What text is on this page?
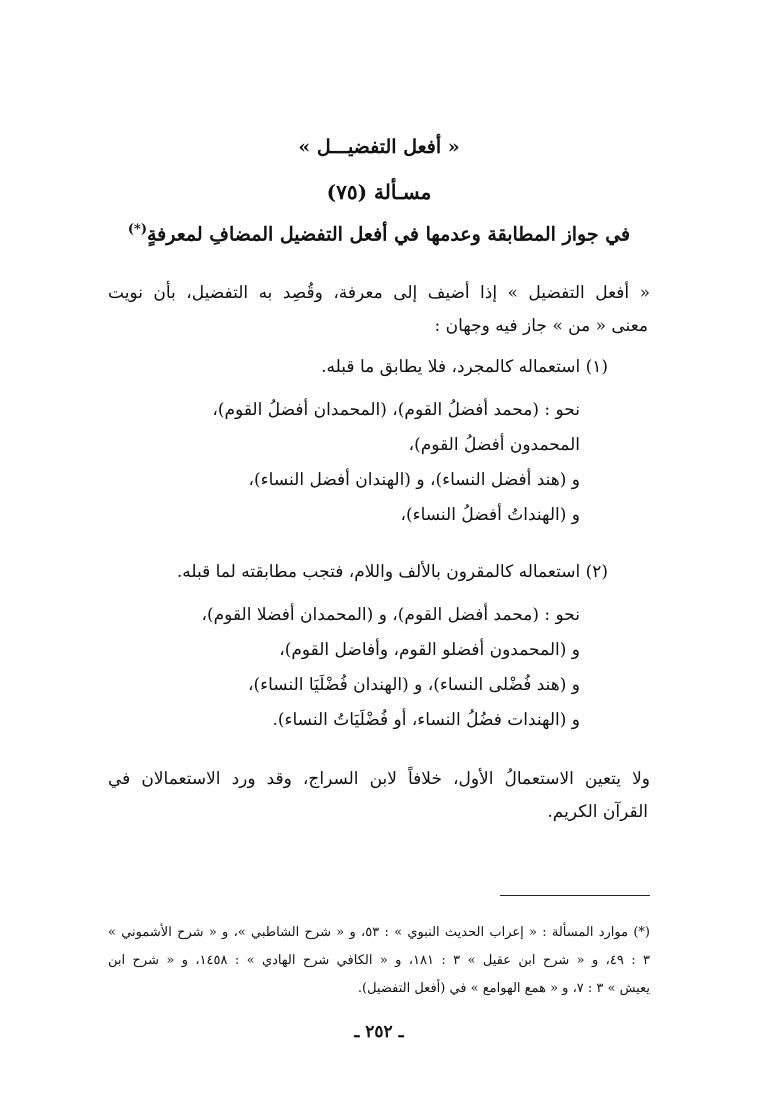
« أفعل التفضيـــل »
مسـألة (٧٥)
في جواز المطابقة وعدمها في أفعل التفضيل المضافِ لمعرفةٍ(*)
« أفعل التفضيل » إذا أضيف إلى معرفة، وقُصِد به التفضيل، بأن نويت
معنى « من » جاز فيه وجهان :
(١) استعماله كالمجرد، فلا يطابق ما قبله.
نحو : (محمد أفضلُ القوم)، (المحمدان أفضلُ القوم)،
المحمدون أفضلُ القوم)،
و (هند أفضل النساء)، و (الهندان أفضل النساء)،
و (الهنداتُ أفضلُ النساء)،
(٢) استعماله كالمقرون بالألف واللام، فتجب مطابقته لما قبله.
نحو : (محمد أفضل القوم)، و (المحمدان أفضلا القوم)،
و (المحمدون أفضلو القوم، وأفاضل القوم)،
و (هند فُضْلى النساء)، و (الهندان فُضْلَيَا النساء)،
و (الهندات فضُلُ النساء، أو فُضْلَيَاتُ النساء).
ولا يتعين الاستعمالُ الأول، خلافاً لابن السراج، وقد ورد الاستعمالان في
القرآن الكريم.
(*) موارد المسألة : « إعراب الحديث النبوي » : ٥٣، و « شرح الشاطبي »، و « شرح الأشموني »
٣ : ٤٩، و « شرح ابن عقيل » ٣ : ١٨١، و « الكافي شرح الهادي » : ١٤٥٨، و « شرح ابن
يعيش » ٣ : ٧، و « همع الهوامع » في (أفعل التفضيل).
ـ ٢٥٢ ـ
